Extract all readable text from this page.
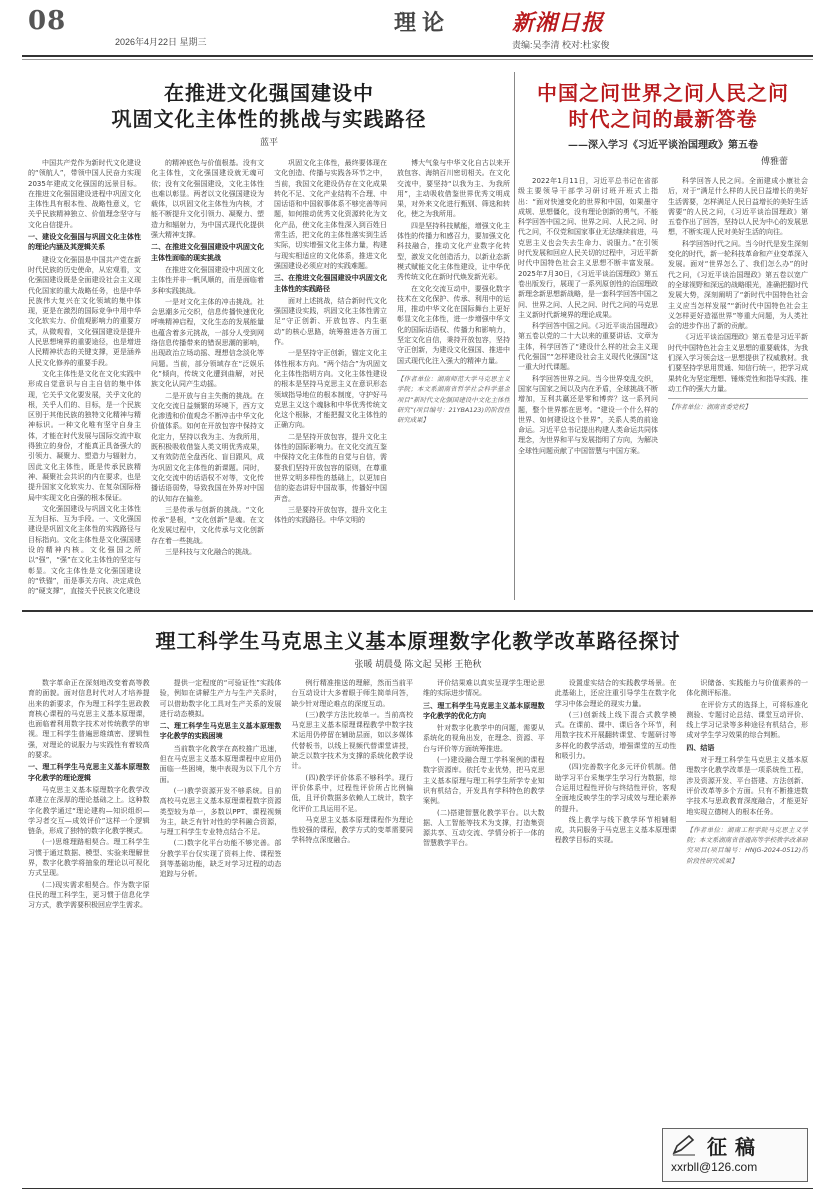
08
2026年4月22日 星期三
理论	新湘日报
责编:吴李清 校对:杜家俊
在推进文化强国建设中
巩固文化主体性的挑战与实践路径
蓝平

中国共产党作为新时代文化建设的“领航人”，带领中国人民奋力实现2035年建成文化强国的远景目标。在推进文化强国建设进程中巩固文化主体性具有根本性、战略性意义，它关乎民族精神独立、价值理念坚守与文化自信提升。

一、建设文化强国与巩固文化主体性的理论内涵及其逻辑关系

建设文化强国是中国共产党在新时代民族的历史使命，从宏观看，文化强国建设既是全面建设社会主义现代化国家的重大战略任务，也是中华民族伟大复兴在文化领域的集中体现，更是在激烈的国际竞争中用中华文化软实力、价值观影响力的重要方式，从微观看，文化强国建设是提升人民思想境界的重要途径，也是增进人民精神状态的关键支撑，更是涵养人民文化修养的重要手段。

文化主体性是文化在文化实践中形成自觉意识与自主自信的集中体现，它关乎文化要发展，关乎文化的根，关乎人们的、目标，是一个民族区别于其他民族的独特文化精神与精神标识。一种文化唯有坚守自身主体，才能在时代发展与国际交流中取得独立的身份，才能真正具备强大的引领力、凝聚力、塑造力与辐射力，因此文化主体性，既是传承民族精神、凝聚社会共识的内在要求，也是提升国家文化软实力、在复杂国际格局中实现文化自强的根本保证。

文化强国建设与巩固文化主体性互为目标、互为手段。一、文化强国建设是巩固文化主体性的实践路径与目标指向。文化主体性是文化强国建设的精神内核。文化强国之所以“强”，“强”在文化主体性的坚定与彰显。文化主体性是文化强国建设的“铁锚”，而是事关方向、决定成色的“硬支撑”，直接关乎民族文化建设

的精神底色与价值根基。没有文化主体性，文化强国建设就无魂可依；没有文化强国建设，文化主体性也难以彰显。两者以文化强国建设为载体，以巩固文化主体性为内核，才能不断提升文化引领力、凝聚力、塑造力和辐射力，为中国式现代化提供强大精神支撑。

二、在推进文化强国建设中巩固文化主体性面临的现实挑战

在推进文化强国建设中巩固文化主体性并非一帆风顺的，而是面临着多种实践挑战。

一是对文化主体的冲击挑战。社会思潮多元交织，信息传播快速优化呼唤精神启程，文化生态的发展能量也蕴含着多元挑战，一部分人受到网络信息传播带来的错误思潮的影响，出现政治立场动摇、理想信念淡化等问题。当前，部分领域存在“泛娱乐化”倾向，传统文化遭到曲解，对民族文化认同产生动摇。

二是开放与自主失衡的挑战。在文化交流日益频繁的环境下，西方文化渗透和价值观念不断冲击中华文化价值体系。如何在开放包容中保持文化定力，坚持以我为主、为我所用，既积极吸收借鉴人类文明优秀成果，又有效防范全盘西化、盲目跟风，成为巩固文化主体性的新课题。同时，文化交流中的话语权不对等，文化传播话语弱势，导致我国在外界对中国的认知存在偏差。

三是传承与创新的挑战。“文化传承”是根，“文化创新”是魂。在文化发展过程中，文化传承与文化创新存在着一些挑战。

三是科技与文化融合的挑战。

巩固文化主体性，最终要体现在文化创造、传播与实践各环节之中，当前，我国文化建设仍存在文化成果转化不足、文化产业结构不合理、中国话语和中国叙事体系不够完善等问题，如何推动优秀文化资源转化为文化产品，使文化主体性深入到百姓日常生活，把文化的主体性落实到生活实际，切实增强文化主体力量，构建与现实相适应的文化体系，推进文化强国建设必须应对的实践难题。

三、在推进文化强国建设中巩固文化主体性的实践路径

面对上述挑战，结合新时代文化强国建设实践，巩固文化主体性需立足“守正创新、开放包容、内生驱动”的核心思路，统筹推进各方面工作。

一是坚持守正创新，锚定文化主体性根本方向。“两个结合”为巩固文化主体性指明方向。文化主体性建设的根本是坚持马克思主义在意识形态领域指导地位的根本制度，守护好马克思主义这个魂脉和中华优秀传统文化这个根脉，才能把握文化主体性的正确方向。

二是坚持开放包容，提升文化主体性的国际影响力。在文化交流互鉴中保持文化主体性的自觉与自信，需要我们坚持开放包容的原则，在尊重世界文明多样性的基础上，以更加自信的姿态讲好中国故事，传播好中国声音。

三是要持开放包容，提升文化主体性的实践路径。中华文明的

博大气象与中华文化自古以来开放包容、海纳百川密切相关。在文化交流中，要坚持“以我为主、为我所用”，主动吸收借鉴世界优秀文明成果，对外来文化进行甄别、筛选和转化，使之为我所用。

四是坚持科技赋能，增强文化主体性的传播力和感召力，要加强文化科技融合，推动文化产业数字化转型，激发文化创造活力，以新业态新模式赋能文化主体性建设，让中华优秀传统文化在新时代焕发新光彩。

在文化交流互动中，要强化数字技术在文化保护、传承、利用中的运用，推动中华文化在国际舞台上更好彰显文化主体性，进一步增强中华文化的国际话语权、传播力和影响力，坚定文化自信，秉持开放包容，坚持守正创新，为建设文化强国、推进中国式现代化注入强大的精神力量。

【作者单位：湖南师范大学马克思主义学院；本文系湖南省哲学社会科学基金项目“新时代文化强国建设中文化主体性研究”(项目编号：21YBA123)的阶段性研究成果】
中国之问世界之问人民之问
时代之问的最新答卷
——深入学习《习近平谈治国理政》第五卷
傅雅蕾

2022年1月11日，习近平总书记在省部级主要领导干部学习研讨班开班式上指出：“面对快速变化的世界和中国，如果墨守成规、思想僵化，没有理论创新的勇气，不能科学回答中国之问、世界之问、人民之问、时代之问，不仅党和国家事业无法继续前进，马克思主义也会失去生命力、说服力。”在引领时代发展和回应人民关切的过程中，习近平新时代中国特色社会主义思想不断丰富发展。2025年7月30日，《习近平谈治国理政》第五卷出版发行，展现了一系列原创性的治国理政新理念新思想新战略，是一套科学回答中国之问、世界之问、人民之问、时代之问的马克思主义新时代新境界的理论成果。

科学回答中国之问。《习近平谈治国理政》第五卷以党的二十大以来的重要讲话、文章为主体，科学回答了“建设什么样的社会主义现代化强国”“怎样建设社会主义现代化强国”这一重大时代课题。

科学回答世界之问。当今世界变乱交织，国家与国家之间以及内在矛盾，全球挑战不断增加，互利共赢还是零和博弈？这一系列问题，整个世界都在思考。“建设一个什么样的世界、如何建设这个世界”，关系人类的前途命运。习近平总书记提出构建人类命运共同体理念，为世界和平与发展指明了方向，为解决全球性问题贡献了中国智慧与中国方案。

科学回答人民之问。全面建成小康社会后，对于“满足什么样的人民日益增长的美好生活需要，怎样满足人民日益增长的美好生活需要”的人民之问，《习近平谈治国理政》第五卷作出了回答，坚持以人民为中心的发展思想，不断实现人民对美好生活的向往。

科学回答时代之问。当今时代是发生深刻变化的时代，新一轮科技革命和产业变革深入发展。面对“世界怎么了、我们怎么办”的时代之问，《习近平谈治国理政》第五卷以宽广的全球视野和深远的战略眼光，准确把握时代发展大势，深刻阐明了“新时代中国特色社会主义应当怎样发展”“新时代中国特色社会主义怎样更好造福世界”等重大问题，为人类社会的进步作出了新的贡献。

《习近平谈治国理政》第五卷是习近平新时代中国特色社会主义思想的重要载体，为我们深入学习领会这一思想提供了权威教材。我们要坚持学思用贯通、知信行统一，把学习成果转化为坚定理想、锤炼党性和指导实践、推动工作的强大力量。

【作者单位：湖南省委党校】
理工科学生马克思主义基本原理数字化教学改革路径探讨
张暖 胡晨曼 陈文起 吴彬 王艳秋

数字革命正在深刻地改变着高等教育的面貌。面对信息时代对人才培养提出来的新要求，作为理工科学生思政教育核心课程的马克思主义基本原理课，也面临着利用数字技术对传统教学的审视。理工科学生普遍思维缜密、逻辑性强，对理论的说服力与实践性有着较高的要求。

一、理工科学生马克思主义基本原理数字化教学的理论逻辑

马克思主义基本原理数字化教学改革建立在深厚的理论基础之上。这种数字化教学通过“理论建构—知识组织—学习者交互—成效评价”这样一个逻辑链条，形成了独特的数字化教学模式。

(一)思维理路相契合。理工科学生习惯于通过数据、模型、实验来理解世界，数字化教学将抽象的理论以可视化方式呈现。

(二)现实需求相契合。作为数字原住民的理工科学生，更习惯于信息化学习方式，教学需要积极回应学生需求。

提供一定程度的“可验证性”实践体验，例如在讲解生产力与生产关系时，可以借助数字化工具对生产关系的发展进行动态模拟。

二、理工科学生马克思主义基本原理数字化教学的实践困境

当前数字化教学在高校推广迅速，但在马克思主义基本原理课程中应用仍面临一些困境，集中表现为以下几个方面。

(一)教学资源开发不够系统。目前高校马克思主义基本原理课程数字资源类型较为单一，多数以PPT、课程视频为主，缺乏有针对性的学科融合资源，与理工科学生专业特点结合不足。

(二)数字化平台功能不够完善。部分教学平台仅实现了资料上传、课程签到等基础功能，缺乏对学习过程的动态追踪与分析。

例行精准推送的理解，然而当前平台互动设计大多着眼于师生简单问答，缺少针对理论难点的深度互动。

(三)教学方法比较单一。当前高校马克思主义基本原理课程教学中数字技术运用仍停留在辅助层面，如以多媒体代替板书，以线上视频代替课堂讲授，缺乏以数字技术为支撑的系统化教学设计。

(四)教学评价体系不够科学。现行评价体系中，过程性评价所占比例偏低，且评价数据多依赖人工统计，数字化评价工具运用不足。

马克思主义基本原理课程作为理论性较强的课程，教学方式的变革需要同学科特点深度融合。

评价结果难以真实呈现学生理论思维的实际进步情况。

三、理工科学生马克思主义基本原理数字化教学的优化方向

针对数字化教学中的问题，需要从系统化的视角出发，在理念、资源、平台与评价等方面统筹推进。

(一)建设融合理工学科案例的课程数字资源库。依托专业优势，把马克思主义基本原理与理工科学生所学专业知识有机结合，开发具有学科特色的教学案例。

(二)搭建智慧化教学平台。以大数据、人工智能等技术为支撑，打造集资源共享、互动交流、学情分析于一体的智慧教学平台。

设置虚实结合的实践教学场景。在此基础上，还应注重引导学生在数字化学习中体会理论的现实力量。

(三)创新线上线下混合式教学模式。在课前、课中、课后各个环节，利用数字技术开展翻转课堂、专题研讨等多样化的教学活动，增强课堂的互动性和吸引力。

(四)完善数字化多元评价机制。借助学习平台采集学生学习行为数据，综合运用过程性评价与终结性评价，客观全面地反映学生的学习成效与理论素养的提升。

线上教学与线下教学环节相辅相成，共同服务于马克思主义基本原理课程教学目标的实现。

识储备、实践能力与价值素养的一体化测评标准。

在评价方式的选择上，可将标准化测验、专题讨论总结、课堂互动评价、线上学习记录等多种途径有机结合，形成对学生学习效果的综合判断。

四、结语

对于理工科学生马克思主义基本原理数字化教学改革是一项系统性工程，涉及资源开发、平台搭建、方法创新、评价改革等多个方面。只有不断推进数字技术与思政教育深度融合，才能更好地实现立德树人的根本任务。

【作者单位：湖南工程学院马克思主义学院；本文系湖南省普通高等学校教学改革研究项目(项目编号：HNJG-2024-0512)的阶段性研究成果】
征稿
xxrbll@126.com
